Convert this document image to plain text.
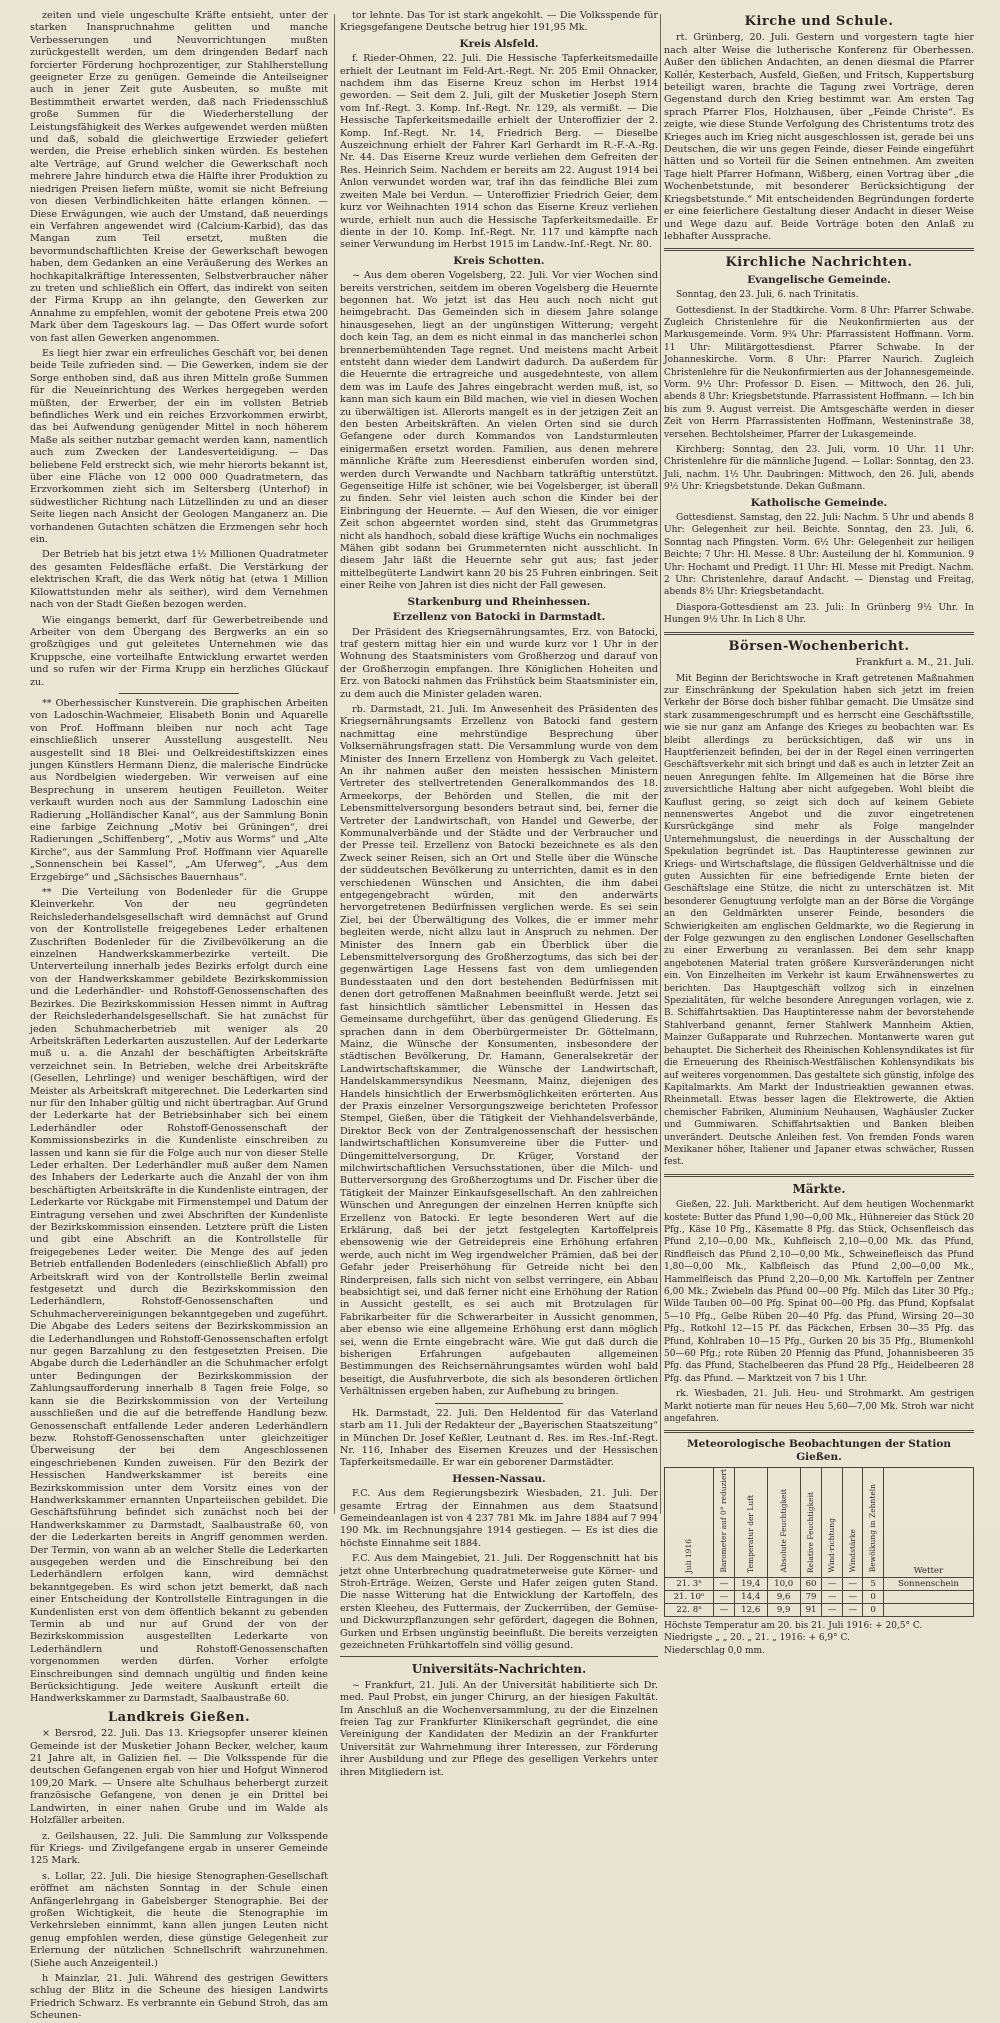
zeiten und viele ungeschulte Kräfte entsieht, unter der starken Inanspruchnahme gelitten und manche Verbesserungen und Neuvorrichtungen mußten zurückgestellt werden, um dem dringenden Bedarf nach forcierter Förderung hochprozentiger, zur Stahlherstellung geeigneter Erze zu genügen. Gemeinde die Anteilseigner auch in jener Zeit gute Ausbeuten, so mußte mit Bestimmtheit erwartet werden, daß nach Friedensschluß große Summen für die Wiederherstellung der Leistungsfähigkeit des Werkes aufgewendet werden müßten und daß, sobald die gleichwertige Erzwieder geliefert werden, die Preise erheblich sinken würden. Es bestehen alte Verträge, auf Grund welcher die Gewerkschaft noch mehrere Jahre hindurch etwa die Hälfte ihrer Produktion zu niedrigen Preisen liefern müßte, womit sie nicht Befreiung von diesen Verbindlichkeiten hätte erlangen können. — Diese Erwägungen, wie auch der Umstand, daß neuerdings ein Verfahren angewendet wird (Calcium-Karbid), das das Mangan zum Teil ersetzt, mußten die bevormundschaftlichten Kreise der Gewerkschaft bewogen haben, dem Gedanken an eine Veräußerung des Werkes an hochkapitalkräftige Interessenten, Selbstverbraucher näher zu treten und schließlich ein Offert, das indirekt von seiten der Firma Krupp an ihn gelangte, den Gewerken zur Annahme zu empfehlen, womit der gebotene Preis etwa 200 Mark über dem Tageskours lag. — Das Offert wurde sofort von fast allen Gewerken angenommen.

Es liegt hier zwar ein erfreuliches Geschäft vor, bei denen beide Teile zufrieden sind. — Die Gewerken, indem sie der Sorge enthoben sind, daß aus ihren Mitteln große Summen für die Neueinrichtung des Werkes hergegeben werden müßten, der Erwerber, der ein im vollsten Betrieb befindliches Werk und ein reiches Erzvorkommen erwirbt, das bei Aufwendung genügender Mittel in noch höherem Maße als seither nutzbar gemacht werden kann, namentlich auch zum Zwecken der Landesverteidigung. — Das beliebene Feld erstreckt sich, wie mehr hierorts bekannt ist, über eine Fläche von 12 000 000 Quadratmetern, das Erzvorkommen zieht sich im Seltersberg (Unterhof) in südwestlicher Richtung nach Lützellinden zu und an dieser Seite liegen nach Ansicht der Geologen Manganerz an. Die vorhandenen Gutachten schätzen die Erzmengen sehr hoch ein.

Der Betrieb hat bis jetzt etwa 1½ Millionen Quadratmeter des gesamten Feldesfläche erfaßt. Die Verstärkung der elektrischen Kraft, die das Werk nötig hat (etwa 1 Million Kilowattstunden mehr als seither), wird dem Vernehmen nach von der Stadt Gießen bezogen werden.

Wie eingangs bemerkt, darf für Gewerbetreibende und Arbeiter von dem Übergang des Bergwerks an ein so großzügiges und gut geleitetes Unternehmen wie das Kruppsche, eine vorteilhafte Entwicklung erwartet werden und so rufen wir der Firma Krupp ein herzliches Glückauf zu.

** Oberhessischer Kunstverein. Die graphischen Arbeiten von Ladoschin-Wachmeier, Elisabeth Bonin und Aquarelle von Prof. Hoffmann bleiben nur noch acht Tage einschließlich unserer Ausstellung ausgestellt. Neu ausgestellt sind 18 Blei- und Oelkreidestiftskizzen eines jungen Künstlers Hermann Dienz, die malerische Eindrücke aus Nordbelgien wiedergeben. Wir verweisen auf eine Besprechung in unserem heutigen Feuilleton. Weiter verkauft wurden noch aus der Sammlung Ladoschin eine Radierung „Holländischer Kanal“, aus der Sammlung Bonin eine farbige Zeichnung „Motiv bei Grüningen“, drei Radierungen „Schiffenberg“, „Motiv aus Worms“ und „Alte Kirche“, aus der Sammlung Prof. Hoffmann vier Aquarelle „Sonnenschein bei Kassel“, „Am Uferweg“, „Aus dem Erzgebirge“ und „Sächsisches Bauernhaus“.

** Die Verteilung von Bodenleder für die Gruppe Kleinverkehr. Von der neu gegründeten Reichslederhandelsgesellschaft wird demnächst auf Grund von der Kontrollstelle freigegebenes Leder erhaltenen Zuschriften Bodenleder für die Zivilbevölkerung an die einzelnen Handwerkskammerbezirke verteilt. Die Unterverteilung innerhalb jedes Bezirks erfolgt durch eine von der Handwerkskammer gebildete Bezirkskommission und die Lederhändler- und Rohstoff-Genossenschaften des Bezirkes. Die Bezirkskommission Hessen nimmt in Auftrag der Reichslederhandelsgesellschaft. Sie hat zunächst für jeden Schuhmacherbetrieb mit weniger als 20 Arbeitskräften Lederkarten auszustellen. Auf der Lederkarte muß u. a. die Anzahl der beschäftigten Arbeitskräfte verzeichnet sein. In Betrieben, welche drei Arbeitskräfte (Gesellen, Lehrlinge) und weniger beschäftigen, wird der Meister als Arbeitskraft mitgerechnet. Die Lederkarten sind nur für den Inhaber gültig und nicht übertragbar. Auf Grund der Lederkarte hat der Betriebsinhaber sich bei einem Lederhändler oder Rohstoff-Genossenschaft der Kommissionsbezirks in die Kundenliste einschreiben zu lassen und kann sie für die Folge auch nur von dieser Stelle Leder erhalten. Der Lederhändler muß außer dem Namen des Inhabers der Lederkarte auch die Anzahl der von ihm beschäftigten Arbeitskräfte in die Kundenliste eintragen, der Lederkarte vor Rückgabe mit Firmenstempel und Datum der Eintragung versehen und zwei Abschriften der Kundenliste der Bezirkskommission einsenden. Letztere prüft die Listen und gibt eine Abschrift an die Kontrollstelle für freigegebenes Leder weiter. Die Menge des auf jeden Betrieb entfallenden Bodenleders (einschließlich Abfall) pro Arbeitskraft wird von der Kontrollstelle Berlin zweimal festgesetzt und durch die Bezirkskommission den Lederhändlern, Rohstoff-Genossenschaften und Schuhmachervereinigungen bekanntgegeben und zugeführt. Die Abgabe des Leders seitens der Bezirkskommission an die Lederhandlungen und Rohstoff-Genossenschaften erfolgt nur gegen Barzahlung zu den festgesetzten Preisen. Die Abgabe durch die Lederhändler an die Schuhmacher erfolgt unter Bedingungen der Bezirkskommission der Zahlungsaufforderung innerhalb 8 Tagen freie Folge, so kann sie die Bezirkskommission von der Verteilung ausschließen und die auf die betreffende Handlung bezw. Genossenschaft entfallende Leder anderen Lederhändlern bezw. Rohstoff-Genossenschaften unter gleichzeitiger Überweisung der bei dem Angeschlossenen eingeschriebenen Kunden zuweisen. Für den Bezirk der Hessischen Handwerkskammer ist bereits eine Bezirkskommission unter dem Vorsitz eines von der Handwerkskammer ernannten Unparteiischen gebildet. Die Geschäftsführung befindet sich zunächst noch bei der Handwerkskammer zu Darmstadt, Saalbaustraße 60, von der die Lederkarten bereits in Angriff genommen werden. Der Termin, von wann ab an welcher Stelle die Lederkarten ausgegeben werden und die Einschreibung bei den Lederhändlern erfolgen kann, wird demnächst bekanntgegeben. Es wird schon jetzt bemerkt, daß nach einer Entscheidung der Kontrollstelle Eintragungen in die Kundenlisten erst von dem öffentlich bekannt zu gebenden Termin ab und nur auf Grund der von der Bezirkskommission ausgestellten Lederkarte von Lederhändlern und Rohstoff-Genossenschaften vorgenommen werden dürfen. Vorher erfolgte Einschreibungen sind demnach ungültig und finden keine Berücksichtigung. Jede weitere Auskunft erteilt die Handwerkskammer zu Darmstadt, Saalbaustraße 60.

Landkreis Gießen.

× Bersrod, 22. Juli. Das 13. Kriegsopfer unserer kleinen Gemeinde ist der Musketier Johann Becker, welcher, kaum 21 Jahre alt, in Galizien fiel. — Die Volksspende für die deutschen Gefangenen ergab von hier und Hofgut Winnerod 109,20 Mark. — Unsere alte Schulhaus beherbergt zurzeit französische Gefangene, von denen je ein Drittel bei Landwirten, in einer nahen Grube und im Walde als Holzfäller arbeiten.

z. Geilshausen, 22. Juli. Die Sammlung zur Volksspende für Kriegs- und Zivilgefangene ergab in unserer Gemeinde 125 Mark.

s. Lollar, 22. Juli. Die hiesige Stenographen-Gesellschaft eröffnet am nächsten Sonntag in der Schule einen Anfängerlehrgang in Gabelsberger Stenographie. Bei der großen Wichtigkeit, die heute die Stenographie im Verkehrsleben einnimmt, kann allen jungen Leuten nicht genug empfohlen werden, diese günstige Gelegenheit zur Erlernung der nützlichen Schnellschrift wahrzunehmen. (Siehe auch Anzeigenteil.)

h Mainzlar, 21. Juli. Während des gestrigen Gewitters schlug der Blitz in die Scheune des hiesigen Landwirts Friedrich Schwarz. Es verbrannte ein Gebund Stroh, das am Scheunen-

tor lehnte. Das Tor ist stark angekohlt. — Die Volksspende für Kriegsgefangene Deutsche betrug hier 191,95 Mk.

Kreis Alsfeld.

f. Rieder-Ohmen, 22. Juli. Die Hessische Tapferkeitsmedaille erhielt der Leutnant im Feld-Art.-Regt. Nr. 205 Emil Ohnacker, nachdem ihm das Eiserne Kreuz schon im Herbst 1914 geworden. — Seit dem 2. Juli, gilt der Musketier Joseph Stern vom Inf.-Regt. 3. Komp. Inf.-Regt. Nr. 129, als vermißt. — Die Hessische Tapferkeitsmedaille erhielt der Unteroffizier der 2. Komp. Inf.-Regt. Nr. 14, Friedrich Berg. — Dieselbe Auszeichnung erhielt der Fahrer Karl Gerhardt im R.-F.-A.-Rg. Nr. 44. Das Eiserne Kreuz wurde verliehen dem Gefreiten der Res. Heinrich Seim. Nachdem er bereits am 22. August 1914 bei Anlon verwundet worden war, traf ihn das feindliche Blei zum zweiten Male bei Verdun. — Unteroffizier Friedrich Geier, dem kurz vor Weihnachten 1914 schon das Eiserne Kreuz verliehen wurde, erhielt nun auch die Hessische Tapferkeitsmedaille. Er diente in der 10. Komp. Inf.-Regt. Nr. 117 und kämpfte nach seiner Verwundung im Herbst 1915 im Landw.-Inf.-Regt. Nr. 80.

Kreis Schotten.

~ Aus dem oberen Vogelsberg, 22. Juli. Vor vier Wochen sind bereits verstrichen, seitdem im oberen Vogelsberg die Heuernte begonnen hat. Wo jetzt ist das Heu auch noch nicht gut heimgebracht. Das Gemeinden sich in diesem Jahre solange hinausgesehen, liegt an der ungünstigen Witterung; vergeht doch kein Tag, an dem es nicht einmal in das mancherlei schon brennerbemühtenden Tage regnet. Und meistens macht Arbeit entsteht dann wieder dem Landwirt dadurch. Da außerdem für die Heuernte die ertragreiche und ausgedehnteste, von allem dem was im Laufe des Jahres eingebracht werden muß, ist, so kann man sich kaum ein Bild machen, wie viel in diesen Wochen zu überwältigen ist. Allerorts mangelt es in der jetzigen Zeit an den besten Arbeitskräften. An vielen Orten sind sie durch Gefangene oder durch Kommandos von Landsturmleuten einigermaßen ersetzt worden. Familien, aus denen mehrere männliche Kräfte zum Heeresdienst einberufen worden sind, werden durch Verwandte und Nachbarn tatkräftig unterstützt. Gegenseitige Hilfe ist schöner, wie bei Vogelsberger, ist überall zu finden. Sehr viel leisten auch schon die Kinder bei der Einbringung der Heuernte. — Auf den Wiesen, die vor einiger Zeit schon abgeerntet worden sind, steht das Grummetgras nicht als handhoch, sobald diese kräftige Wuchs ein nochmaliges Mähen gibt sodann bei Grummeternten nicht ausschlicht. In diesem Jahr läßt die Heuernte sehr gut aus; fast jeder mittelbegüterte Landwirt kann 20 bis 25 Fuhren einbringen. Seit einer Reihe von Jahren ist dies nicht der Fall gewesen.

Starkenburg und Rheinhessen.
Erzellenz von Batocki in Darmstadt.

Der Präsident des Kriegsernährungsamtes, Erz. von Batocki, traf gestern mittag hier ein und wurde kurz vor 1 Uhr in der Wohnung des Staatsministers vom Großherzog und darauf von der Großherzogin empfangen. Ihre Königlichen Hoheiten und Erz. von Batocki nahmen das Frühstück beim Staatsminister ein, zu dem auch die Minister geladen waren.

rb. Darmstadt, 21. Juli. Im Anwesenheit des Präsidenten des Kriegsernährungsamts Erzellenz von Batocki fand gestern nachmittag eine mehrstündige Besprechung über Volksernährungsfragen statt. Die Versammlung wurde von dem Minister des Innern Erzellenz von Hombergk zu Vach geleitet. An ihr nahmen außer den meisten hessischen Ministern Vertreter des stellvertretenden Generalkommandos des 18. Armeekorps, der Behörden und Stellen, die mit der Lebensmittelversorgung besonders betraut sind, bei, ferner die Vertreter der Landwirtschaft, von Handel und Gewerbe, der Kommunalverbände und der Städte und der Verbraucher und der Presse teil. Erzellenz von Batocki bezeichnete es als den Zweck seiner Reisen, sich an Ort und Stelle über die Wünsche der süddeutschen Bevölkerung zu unterrichten, damit es in den verschiedenen Wünschen und Ansichten, die ihm dabei entgegengebracht würden, mit den anderwärts hervorgetretenen Bedürfnissen verglichen werde. Es sei sein Ziel, bei der Überwältigung des Volkes, die er immer mehr begleiten werde, nicht allzu laut in Anspruch zu nehmen. Der Minister des Innern gab ein Überblick über die Lebensmittelversorgung des Großherzogtums, das sich bei der gegenwärtigen Lage Hessens fast von dem umliegenden Bundesstaaten und den dort bestehenden Bedürfnissen mit denen dort getroffenen Maßnahmen beeinflußt werde. Jetzt sei fast hinsichtlich sämtlicher Lebensmittel in Hessen das Gemeinsame durchgeführt, über das genügend Gliederung. Es sprachen dann in dem Oberbürgermeister Dr. Göttelmann, Mainz, die Wünsche der Konsumenten, insbesondere der städtischen Bevölkerung, Dr. Hamann, Generalsekretär der Landwirtschaftskammer, die Wünsche der Landwirtschaft, Handelskammersyndikus Neesmann, Mainz, diejenigen des Handels hinsichtlich der Erwerbsmöglichkeiten erörterten. Aus der Praxis einzelner Versorgungszweige berichteten Professor Stempel, Gießen, über die Tätigkeit der Viehhandelsverbände, Direktor Beck von der Zentralgenossenschaft der hessischen landwirtschaftlichen Konsumvereine über die Futter- und Düngemittelversorgung, Dr. Krüger, Vorstand der milchwirtschaftlichen Versuchsstationen, über die Milch- und Butterversorgung des Großherzogtums und Dr. Fischer über die Tätigkeit der Mainzer Einkaufsgesellschaft. An den zahlreichen Wünschen und Anregungen der einzelnen Herren knüpfte sich Erzellenz von Batocki. Er legte besonderen Wert auf die Erklärung, daß bei der jetzt festgelegten Kartoffelpreis ebensowenig wie der Getreidepreis eine Erhöhung erfahren werde, auch nicht im Weg irgendwelcher Prämien, daß bei der Gefahr jeder Preiserhöhung für Getreide nicht bei den Rinderpreisen, falls sich nicht von selbst verringere, ein Abbau beabsichtigt sei, und daß ferner nicht eine Erhöhung der Ration in Aussicht gestellt, es sei auch mit Brotzulagen für Fabrikarbeiter für die Schwerarbeiter in Aussicht genommen, aber ebenso wie eine allgemeine Erhöhung erst dann möglich sei, wenn die Ernte eingebracht wäre. Wie gut daß durch die bisherigen Erfahrungen aufgebauten allgemeinen Bestimmungen des Reichsernährungsamtes würden wohl bald beseitigt, die Ausfuhrverbote, die sich als besonderen örtlichen Verhältnissen ergeben haben, zur Aufhebung zu bringen.

Hk. Darmstadt, 22. Juli. Den Heldentod für das Vaterland starb am 11. Juli der Redakteur der „Bayerischen Staatszeitung“ in München Dr. Josef Keßler, Leutnant d. Res. im Res.-Inf.-Regt. Nr. 116, Inhaber des Eisernen Kreuzes und der Hessischen Tapferkeitsmedaille. Er war ein geborener Darmstädter.

Hessen-Nassau.

F.C. Aus dem Regierungsbezirk Wiesbaden, 21. Juli. Der gesamte Ertrag der Einnahmen aus dem Staatsund Gemeindeanlagen ist von 4 237 781 Mk. im Jahre 1884 auf 7 994 190 Mk. im Rechnungsjahre 1914 gestiegen. — Es ist dies die höchste Einnahme seit 1884.

F.C. Aus dem Maingebiet, 21. Juli. Der Roggenschnitt hat bis jetzt ohne Unterbrechung quadratmeterweise gute Körner- und Stroh-Erträge. Weizen, Gerste und Hafer zeigen guten Stand. Die nasse Witterung hat die Entwicklung der Kartoffeln, des ersten Kleeheu, des Futtermais, der Zuckerrüben, der Gemüse- und Dickwurzpflanzungen sehr gefördert, dagegen die Bohnen, Gurken und Erbsen ungünstig beeinflußt. Die bereits verzeigten gezeichneten Frühkartoffeln sind völlig gesund.

Universitäts-Nachrichten.

~ Frankfurt, 21. Juli. An der Universität habilitierte sich Dr. med. Paul Probst, ein junger Chirurg, an der hiesigen Fakultät. Im Anschluß an die Wochenversammlung, zu der die Einzelnen freien Tag zur Frankfurter Klinikerschaft gegründet, die eine Vereinigung der Kandidaten der Medizin an der Frankfurter Universität zur Wahrnehmung ihrer Interessen, zur Förderung ihrer Ausbildung und zur Pflege des geselligen Verkehrs unter ihren Mitgliedern ist.

Kirche und Schule.

rt. Grünberg, 20. Juli. Gestern und vorgestern tagte hier nach alter Weise die lutherische Konferenz für Oberhessen. Außer den üblichen Andachten, an denen diesmal die Pfarrer Kollér, Kesterbach, Ausfeld, Gießen, und Fritsch, Kuppertsburg beteiligt waren, brachte die Tagung zwei Vorträge, deren Gegenstand durch den Krieg bestimmt war. Am ersten Tag sprach Pfarrer Flos, Holzhausen, über „Feinde Christe“. Es zeigte, wie diese Stunde Verfolgung des Christentums trotz des Krieges auch im Krieg nicht ausgeschlossen ist, gerade bei uns Deutschen, die wir uns gegen Feinde, dieser Feinde eingeführt hätten und so Vorteil für die Seinen entnehmen. Am zweiten Tage hielt Pfarrer Hofmann, Wißberg, einen Vortrag über „die Wochenbetstunde, mit besonderer Berücksichtigung der Kriegsbetstunde.“ Mit entscheidenden Begründungen forderte er eine feierlichere Gestaltung dieser Andacht in dieser Weise und Wege dazu auf. Beide Vorträge boten den Anlaß zu lebhafter Aussprache.

Kirchliche Nachrichten.
Evangelische Gemeinde.

Sonntag, den 23. Juli, 6. nach Trinitatis.

Gottesdienst. In der Stadtkirche. Vorm. 8 Uhr: Pfarrer Schwabe. Zugleich Christenlehre für die Neukonfirmierten aus der Markusgemeinde. Vorm. 9¾ Uhr: Pfarrassistent Hoffmann. Vorm. 11 Uhr: Militärgottesdienst. Pfarrer Schwabe. In der Johanneskirche. Vorm. 8 Uhr: Pfarrer Naurich. Zugleich Christenlehre für die Neukonfirmierten aus der Johannesgemeinde. Vorm. 9½ Uhr: Professor D. Eisen. — Mittwoch, den 26. Juli, abends 8 Uhr: Kriegsbetstunde. Pfarrassistent Hoffmann. — Ich bin bis zum 9. August verreist. Die Amtsgeschäfte werden in dieser Zeit von Herrn Pfarrassistenten Hoffmann, Westeninstraße 38, versehen. Bechtolsheimer, Pfarrer der Lukasgemeinde.

Kirchberg: Sonntag, den 23. Juli, vorm. 10 Uhr. 11 Uhr: Christenlehre für die männliche Jugend. — Lollar: Sonntag, den 23. Juli, nachm. 1½ Uhr. Daubringen: Mittwoch, den 26. Juli, abends 9½ Uhr: Kriegsbetstunde. Dekan Gußmann.

Katholische Gemeinde.

Gottesdienst. Samstag, den 22. Juli: Nachm. 5 Uhr und abends 8 Uhr: Gelegenheit zur heil. Beichte. Sonntag, den 23. Juli, 6. Sonntag nach Pfingsten. Vorm. 6½ Uhr: Gelegenheit zur heiligen Beichte; 7 Uhr: Hl. Messe. 8 Uhr: Austeilung der hl. Kommunion. 9 Uhr: Hochamt und Predigt. 11 Uhr: Hl. Messe mit Predigt. Nachm. 2 Uhr: Christenlehre, darauf Andacht. — Dienstag und Freitag, abends 8½ Uhr: Kriegsbetandacht.

Diaspora-Gottesdienst am 23. Juli: In Grünberg 9½ Uhr. In Hungen 9½ Uhr. In Lich 8 Uhr.

Börsen-Wochenbericht.

Frankfurt a. M., 21. Juli.

Mit Beginn der Berichtswoche in Kraft getretenen Maßnahmen zur Einschränkung der Spekulation haben sich jetzt im freien Verkehr der Börse doch bisher fühlbar gemacht. Die Umsätze sind stark zusammengeschrumpft und es herrscht eine Geschäftsstille, wie sie nur ganz am Anfange des Krieges zu beobachten war. Es bleibt allerdings zu berücksichtigen, daß wir uns in Hauptferienzeit befinden, bei der in der Regel einen verringerten Geschäftsverkehr mit sich bringt und daß es auch in letzter Zeit an neuen Anregungen fehlte. Im Allgemeinen hat die Börse ihre zuversichtliche Haltung aber nicht aufgegeben. Wohl bleibt die Kauflust gering, so zeigt sich doch auf keinem Gebiete nennenswertes Angebot und die zuvor eingetretenen Kursrückgänge sind mehr als Folge mangelnder Unternehmungslust, die neuerdings in der Ausschaltung der Spekulation begründet ist. Das Hauptinteresse gewinnen zur Kriegs- und Wirtschaftslage, die flüssigen Geldverhältnisse und die guten Aussichten für eine befriedigende Ernte bieten der Geschäftslage eine Stütze, die nicht zu unterschätzen ist. Mit besonderer Genugtuung verfolgte man an der Börse die Vorgänge an den Geldmärkten unserer Feinde, besonders die Schwierigkeiten am englischen Geldmarkte, wo die Regierung in der Folge gezwungen zu den englischen Londoner Gesellschaften zu einer Erwerbung zu veranlassen. Bei dem sehr knapp angebotenen Material traten größere Kursveränderungen nicht ein. Von Einzelheiten im Verkehr ist kaum Erwähnenswertes zu berichten. Das Hauptgeschäft vollzog sich in einzelnen Spezialitäten, für welche besondere Anregungen vorlagen, wie z. B. Schiffahrtsaktien. Das Hauptinteresse nahm der bevorstehende Stahlverband genannt, ferner Stahlwerk Mannheim Aktien, Mainzer Gußapparate und Ruhrzechen. Montanwerte waren gut behauptet. Die Sicherheit des Rheinischen Kohlensyndikates ist für die Erneuerung des Rheinisch-Westfälischen Kohlensyndikats bis auf weiteres vorgenommen. Das gestaltete sich günstig, infolge des Kapitalmarkts. Am Markt der Industrieaktien gewannen etwas. Rheinmetall. Etwas besser lagen die Elektrowerte, die Aktien chemischer Fabriken, Aluminium Neuhausen, Waghäusler Zucker und Gummiwaren. Schiffahrtsaktien und Banken bleiben unverändert. Deutsche Anleihen fest. Von fremden Fonds waren Mexikaner höher, Italiener und Japaner etwas schwächer, Russen fest.

Märkte.

Gießen, 22. Juli. Marktbericht. Auf dem heutigen Wochenmarkt kostete: Butter das Pfund 1,90—0,00 Mk., Hühnereier das Stück 20 Pfg., Käse 10 Pfg., Käsematte 8 Pfg. das Stück, Ochsenfleisch das Pfund 2,10—0,00 Mk., Kuhfleisch 2,10—0,00 Mk. das Pfund, Rindfleisch das Pfund 2,10—0,00 Mk., Schweinefleisch das Pfund 1,80—0,00 Mk., Kalbfleisch das Pfund 2,00—0,00 Mk., Hammelfleisch das Pfund 2,20—0,00 Mk. Kartoffeln per Zentner 6,00 Mk.; Zwiebeln das Pfund 00—00 Pfg. Milch das Liter 30 Pfg.; Wilde Tauben 00—00 Pfg. Spinat 00—00 Pfg. das Pfund, Kopfsalat 5—10 Pfg., Gelbe Rüben 20—40 Pfg. das Pfund, Wirsing 20—30 Pfg., Rotkohl 12—15 Pf. das Päckchen, Erbsen 30—35 Pfg. das Pfund, Kohlraben 10—15 Pfg., Gurken 20 bis 35 Pfg., Blumenkohl 50—60 Pfg.; rote Rüben 20 Pfennig das Pfund, Johannisbeeren 35 Pfg. das Pfund, Stachelbeeren das Pfund 28 Pfg., Heidelbeeren 28 Pfg. das Pfund. — Marktzeit von 7 bis 1 Uhr.

rk. Wiesbaden, 21. Juli. Heu- und Strohmarkt. Am gestrigen Markt notierte man für neues Heu 5,60—7,00 Mk. Stroh war nicht angefahren.

Meteorologische Beobachtungen der Station Gießen.
Juli 1916	Barometer auf 0° reduziert	Temperatur der Luft	Absolute Feuchtigkeit	Relative Feuchtigkeit	Wind-richtung	Windstärke	Bewölkung in Zehnteln	Wetter
21. 3ⁿ	—	19,4	10,0	60	—	—	5	Sonnenschein
21. 10ⁿ	—	14,4	9,6	79	—	—	0	
22. 8ⁿ	—	12,6	9,9	91	—	—	0	
Höchste Temperatur am 20. bis 21. Juli 1916: + 20,5° C.
Niedrigste „ „ 20. „ 21. „ 1916: + 6,9° C.
Niederschlag 0,0 mm.
